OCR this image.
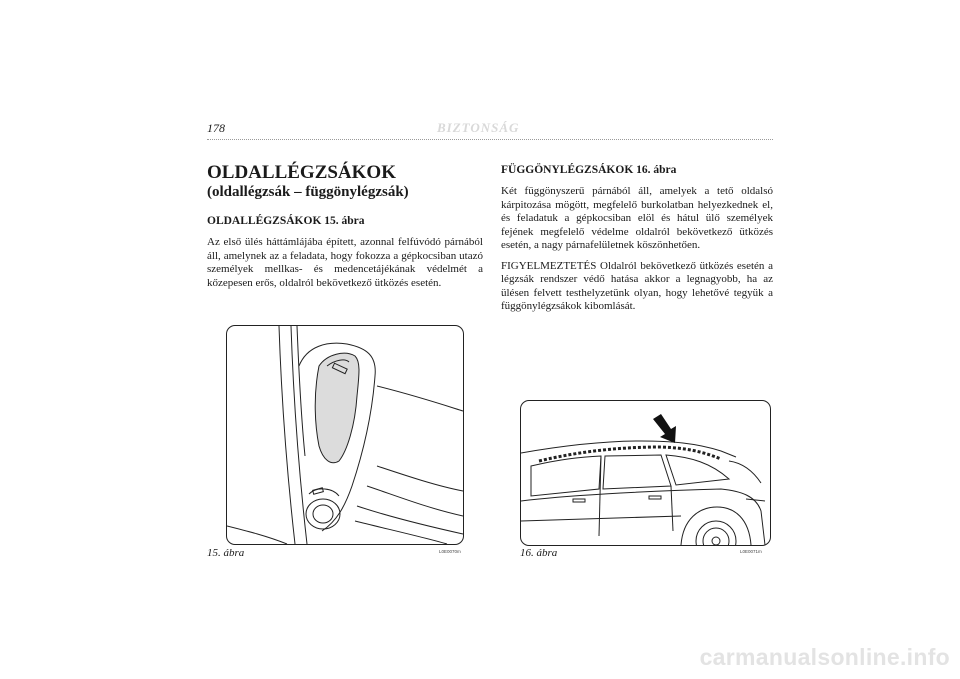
178	BIZTONSÁG
OLDALLÉGZSÁKOK
(oldallégzsák – függönylégzsák)
OLDALLÉGZSÁKOK 15. ábra

Az első ülés háttámlájába épített, azonnal felfúvódó párnából áll, amelynek az a feladata, hogy fokozza a gépkocsiban utazó személyek mellkas- és medencetájékának védelmét a kőzepesen erős, oldalról bekövetkező ütközés esetén.

FÜGGÖNYLÉGZSÁKOK 16. ábra

Két függönyszerű párnából áll, amelyek a tető oldalsó kárpitozása mögött, megfelelő burkolatban helyezkednek el, és feladatuk a gépkocsiban elöl és hátul ülő személyek fejének megfelelő védelme oldalról bekövetkező ütközés esetén, a nagy párnafelületnek köszönhetően.

FIGYELMEZTETÉS Oldalról bekövetkező ütközés esetén a légzsák rendszer védő hatása akkor a legnagyobb, ha az ülésen felvett testhelyzetünk olyan, hogy lehetővé tegyük a függönylégzsákok kibomlását.

15. ábra	L0E0070m	16. ábra	L0E0071m
carmanualsonline.info
